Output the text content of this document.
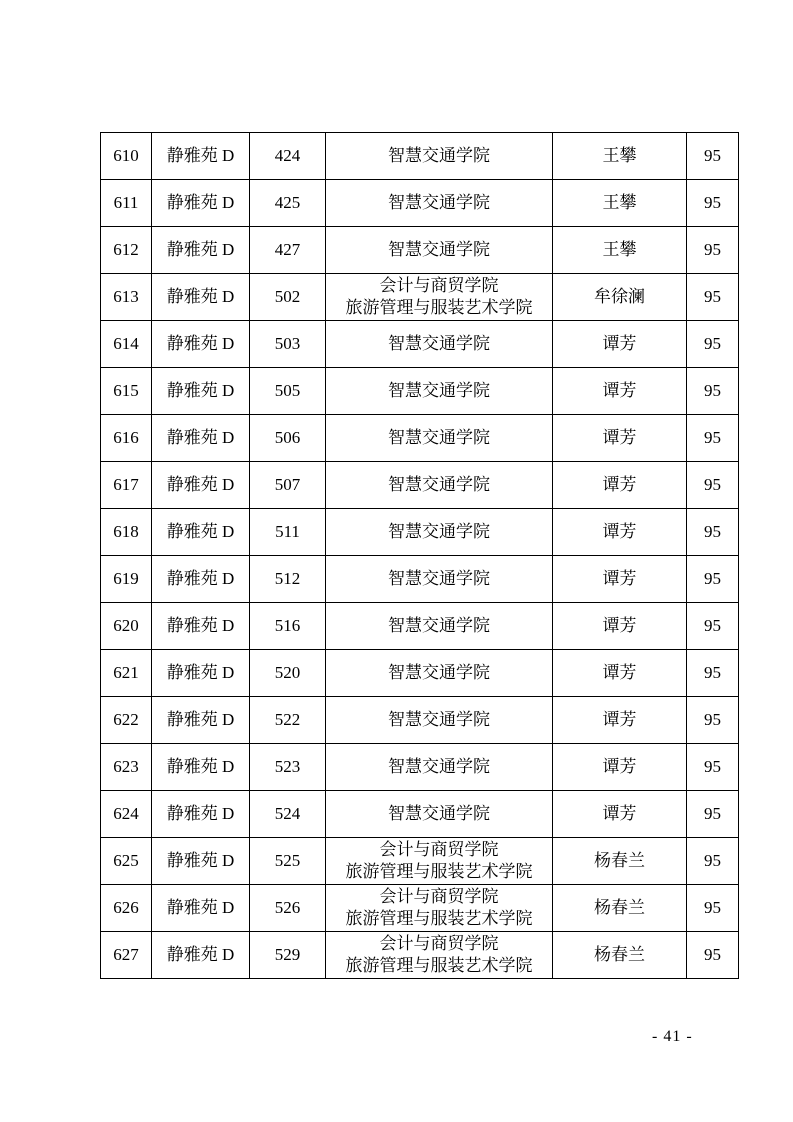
610	静雅苑 D	424	智慧交通学院	王攀	95
611	静雅苑 D	425	智慧交通学院	王攀	95
612	静雅苑 D	427	智慧交通学院	王攀	95
613	静雅苑 D	502	会计与商贸学院
旅游管理与服装艺术学院	牟徐澜	95
614	静雅苑 D	503	智慧交通学院	谭芳	95
615	静雅苑 D	505	智慧交通学院	谭芳	95
616	静雅苑 D	506	智慧交通学院	谭芳	95
617	静雅苑 D	507	智慧交通学院	谭芳	95
618	静雅苑 D	511	智慧交通学院	谭芳	95
619	静雅苑 D	512	智慧交通学院	谭芳	95
620	静雅苑 D	516	智慧交通学院	谭芳	95
621	静雅苑 D	520	智慧交通学院	谭芳	95
622	静雅苑 D	522	智慧交通学院	谭芳	95
623	静雅苑 D	523	智慧交通学院	谭芳	95
624	静雅苑 D	524	智慧交通学院	谭芳	95
625	静雅苑 D	525	会计与商贸学院
旅游管理与服装艺术学院	杨春兰	95
626	静雅苑 D	526	会计与商贸学院
旅游管理与服装艺术学院	杨春兰	95
627	静雅苑 D	529	会计与商贸学院
旅游管理与服装艺术学院	杨春兰	95
- 41 -
